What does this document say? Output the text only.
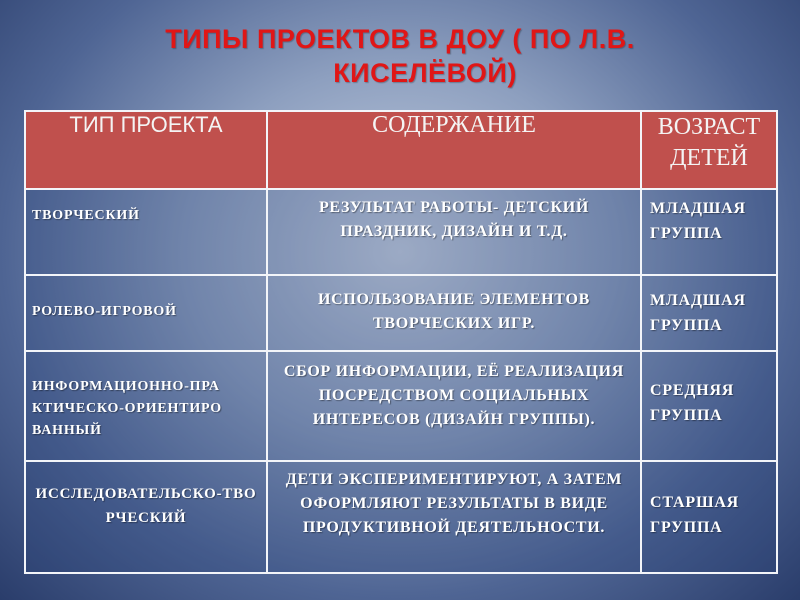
ТИПЫ ПРОЕКТОВ В ДОУ ( ПО Л.В.
КИСЕЛЁВОЙ)
ТИП ПРОЕКТА	СОДЕРЖАНИЕ	ВОЗРАСТ ДЕТЕЙ

ТВОРЧЕСКИЙ	РЕЗУЛЬТАТ РАБОТЫ- ДЕТСКИЙ ПРАЗДНИК, ДИЗАЙН И Т.Д.	МЛАДШАЯ ГРУППА

РОЛЕВО-ИГРОВОЙ	ИСПОЛЬЗОВАНИЕ ЭЛЕМЕНТОВ ТВОРЧЕСКИХ ИГР.	МЛАДШАЯ ГРУППА

ИНФОРМАЦИОННО-ПРАКТИЧЕСКО-ОРИЕНТИРОВАННЫЙ	СБОР ИНФОРМАЦИИ, ЕЁ РЕАЛИЗАЦИЯ ПОСРЕДСТВОМ СОЦИАЛЬНЫХ ИНТЕРЕСОВ (ДИЗАЙН ГРУППЫ).	СРЕДНЯЯ ГРУППА

ИССЛЕДОВАТЕЛЬСКО-ТВОРЧЕСКИЙ	ДЕТИ ЭКСПЕРИМЕНТИРУЮТ, А ЗАТЕМ ОФОРМЛЯЮТ РЕЗУЛЬТАТЫ В ВИДЕ ПРОДУКТИВНОЙ ДЕЯТЕЛЬНОСТИ.	СТАРШАЯ ГРУППА
